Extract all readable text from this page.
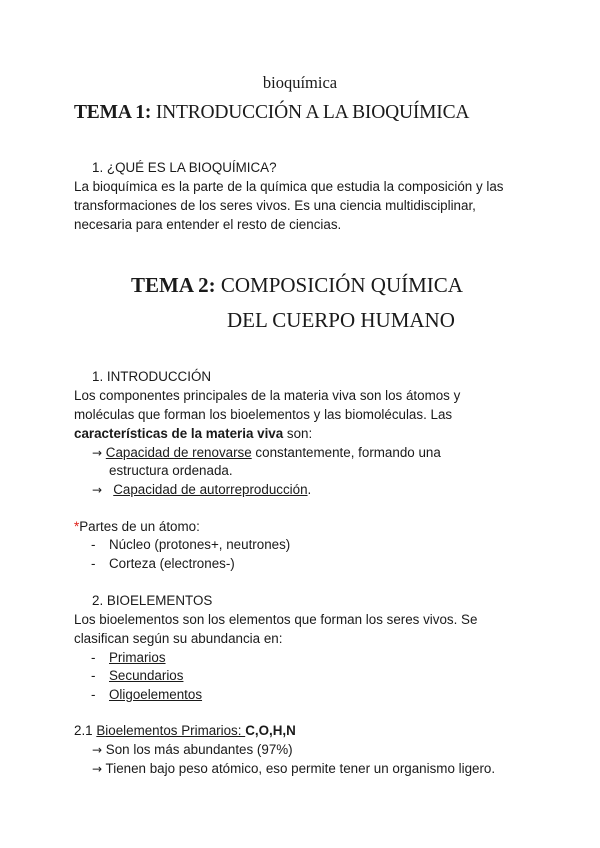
bioquímica
TEMA 1: INTRODUCCIÓN A LA BIOQUÍMICA
1. ¿QUÉ ES LA BIOQUÍMICA?
La bioquímica es la parte de la química que estudia la composición y las
transformaciones de los seres vivos. Es una ciencia multidisciplinar,
necesaria para entender el resto de ciencias.
TEMA 2: COMPOSICIÓN QUÍMICA
DEL CUERPO HUMANO
1. INTRODUCCIÓN
Los componentes principales de la materia viva son los átomos y
moléculas que forman los bioelementos y las biomoléculas. Las
características de la materia viva son:
→ Capacidad de renovarse constantemente, formando una
estructura ordenada.
→ Capacidad de autorreproducción.
*Partes de un átomo:
- Núcleo (protones+, neutrones)
- Corteza (electrones-)
2. BIOELEMENTOS
Los bioelementos son los elementos que forman los seres vivos. Se
clasifican según su abundancia en:
- Primarios
- Secundarios
- Oligoelementos
2.1 Bioelementos Primarios: C,O,H,N
→ Son los más abundantes (97%)
→ Tienen bajo peso atómico, eso permite tener un organismo ligero.
